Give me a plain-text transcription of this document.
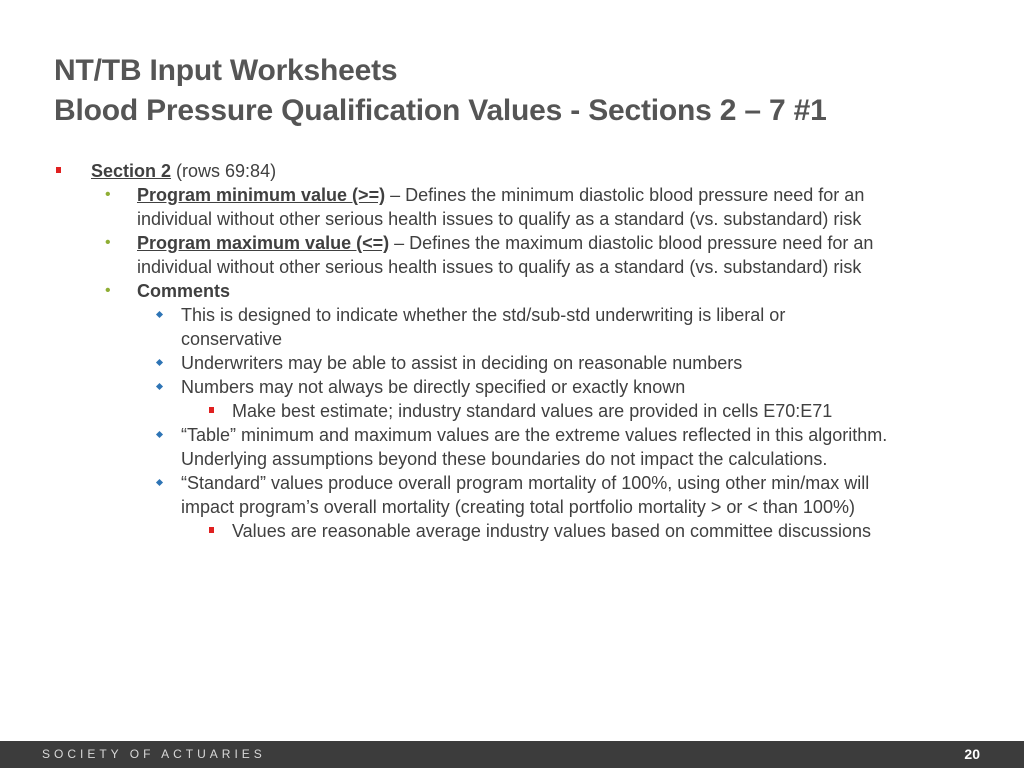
NT/TB Input Worksheets
Blood Pressure Qualification Values - Sections 2 – 7 #1
Section 2 (rows 69:84)
• Program minimum value (>=) – Defines the minimum diastolic blood pressure need for an
individual without other serious health issues to qualify as a standard (vs. substandard) risk
• Program maximum value (<=) – Defines the maximum diastolic blood pressure need for an
individual without other serious health issues to qualify as a standard (vs. substandard) risk
• Comments
This is designed to indicate whether the std/sub-std underwriting is liberal or
conservative
Underwriters may be able to assist in deciding on reasonable numbers
Numbers may not always be directly specified or exactly known
Make best estimate; industry standard values are provided in cells E70:E71
“Table” minimum and maximum values are the extreme values reflected in this algorithm.
Underlying assumptions beyond these boundaries do not impact the calculations.
“Standard” values produce overall program mortality of 100%, using other min/max will
impact program’s overall mortality (creating total portfolio mortality > or < than 100%)
Values are reasonable average industry values based on committee discussions
SOCIETY OF ACTUARIES	20
